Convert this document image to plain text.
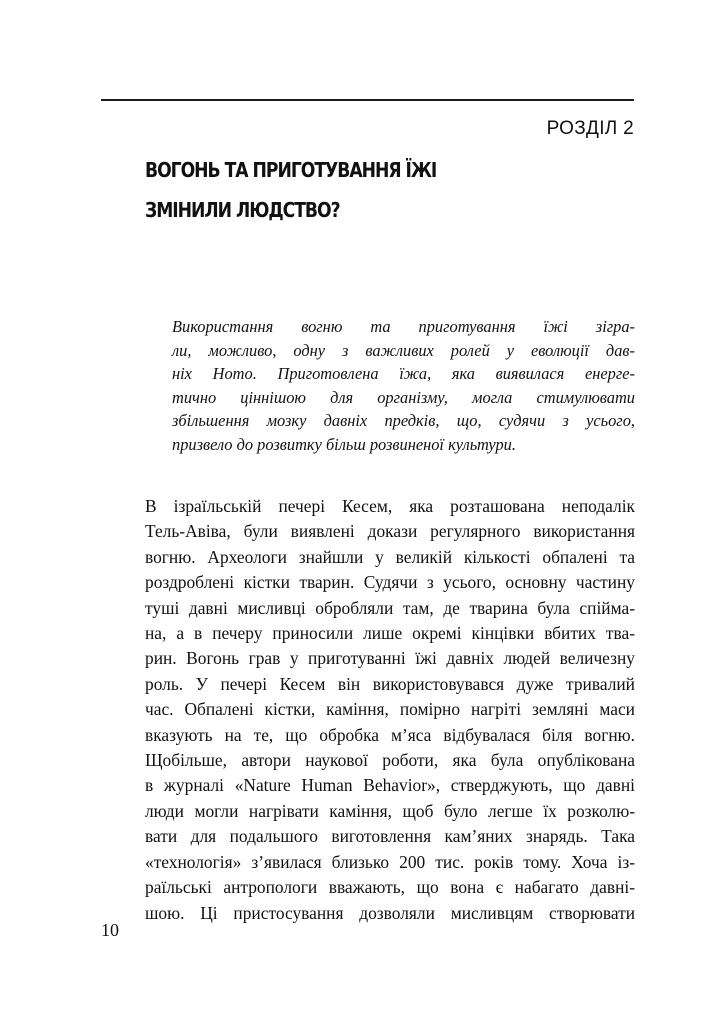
РОЗДІЛ 2
ВОГОНЬ ТА ПРИГОТУВАННЯ ЇЖІ
ЗМІНИЛИ ЛЮДСТВО?
Використання вогню та приготування їжі зігра-
ли, можливо, одну з важливих ролей у еволюції дав-
ніх Homo. Приготовлена їжа, яка виявилася енерге-
тично ціннішою для організму, могла стимулювати
збільшення мозку давніх предків, що, судячи з усього,
призвело до розвитку більш розвиненої культури.
В ізраїльській печері Кесем, яка розташована неподалік
Тель-Авіва, були виявлені докази регулярного використання
вогню. Археологи знайшли у великій кількості обпалені та
роздроблені кістки тварин. Судячи з усього, основну частину
туші давні мисливці обробляли там, де тварина була спійма-
на, а в печеру приносили лише окремі кінцівки вбитих тва-
рин. Вогонь грав у приготуванні їжі давніх людей величезну
роль. У печері Кесем він використовувався дуже тривалий
час. Обпалені кістки, каміння, помірно нагріті земляні маси
вказують на те, що обробка м’яса відбувалася біля вогню.
Щобільше, автори наукової роботи, яка була опублікована
в журналі «Nature Human Behavior», стверджують, що давні
люди могли нагрівати каміння, щоб було легше їх розколю-
вати для подальшого виготовлення кам’яних знарядь. Така
«технологія» з’явилася близько 200 тис. років тому. Хоча із-
раїльські антропологи вважають, що вона є набагато давні-
шою. Ці пристосування дозволяли мисливцям створювати
10
